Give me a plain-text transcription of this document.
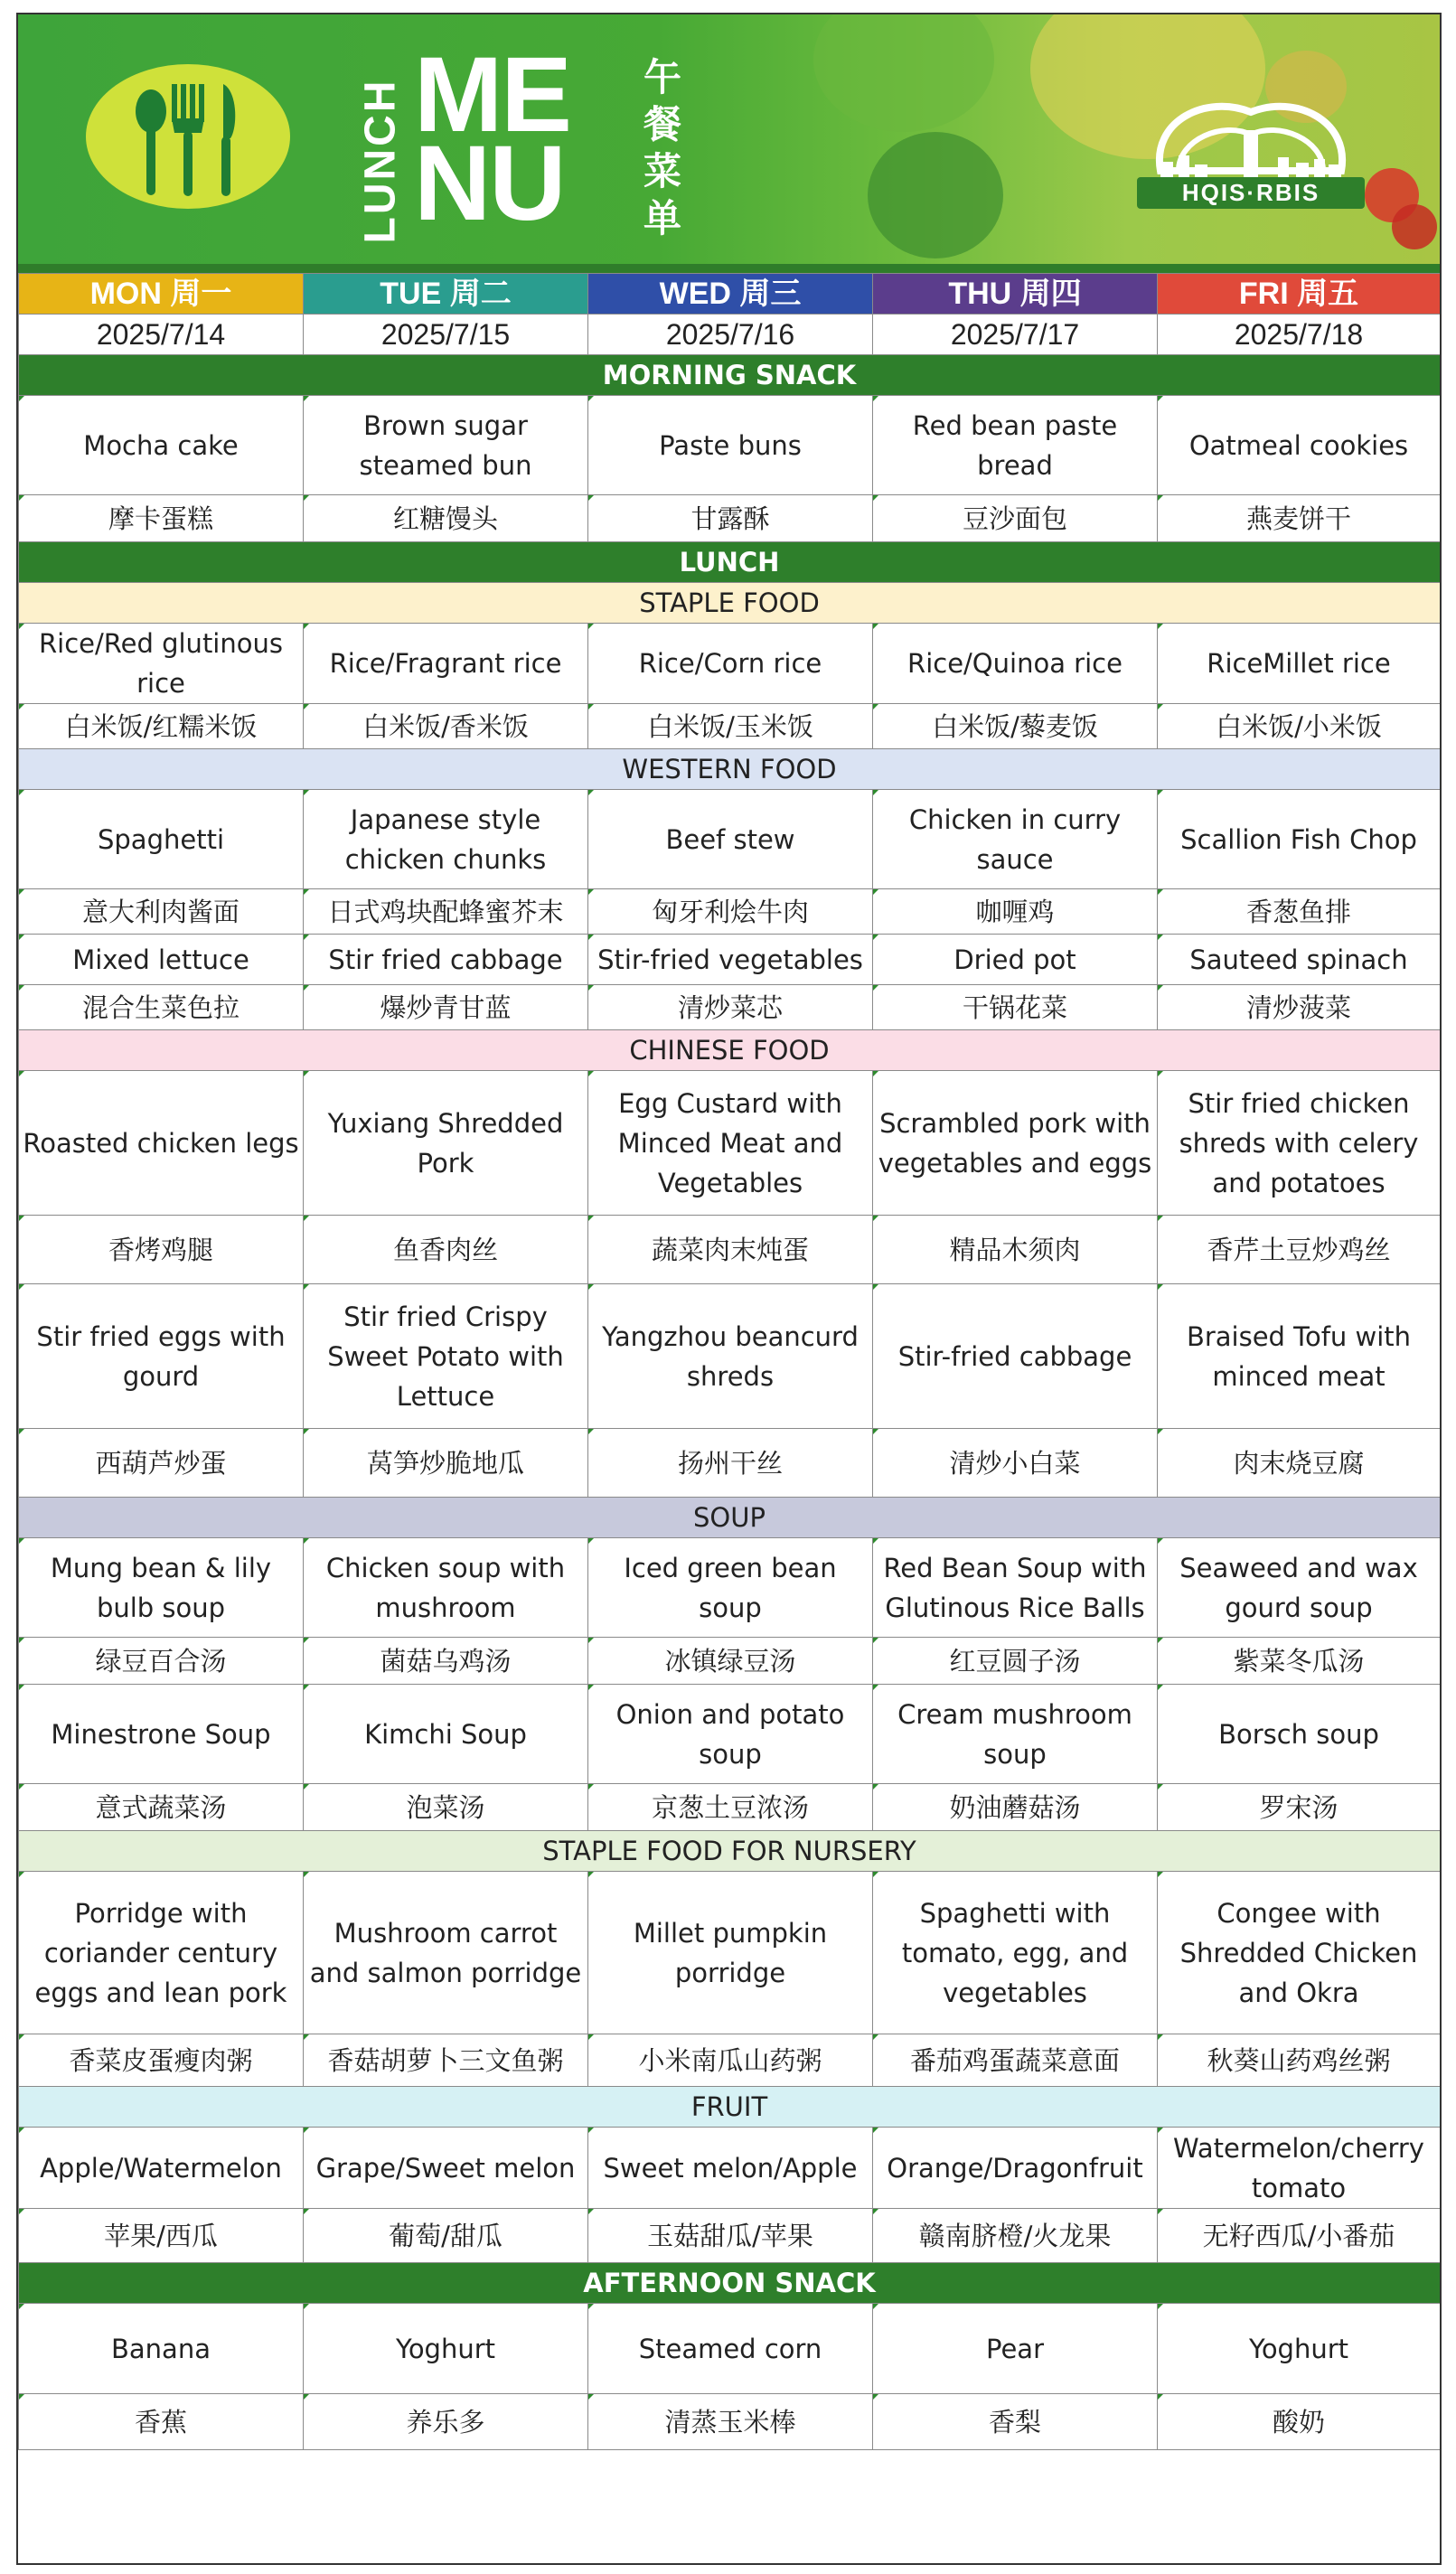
LUNCH ME
NU
午
餐
菜
单
HQIS·RBIS
MON 周一	TUE 周二	WED 周三	THU 周四	FRI 周五
2025/7/14	2025/7/15	2025/7/16	2025/7/17	2025/7/18
MORNING SNACK				
Mocha cake	Brown sugar steamed bun	Paste buns	Red bean paste bread	Oatmeal cookies
摩卡蛋糕	红糖馒头	甘露酥	豆沙面包	燕麦饼干
LUNCH				
STAPLE FOOD				
Rice/Red glutinous rice	Rice/Fragrant rice	Rice/Corn rice	Rice/Quinoa rice	RiceMillet rice
白米饭/红糯米饭	白米饭/香米饭	白米饭/玉米饭	白米饭/藜麦饭	白米饭/小米饭
WESTERN FOOD				
Spaghetti	Japanese style chicken chunks	Beef stew	Chicken in curry sauce	Scallion Fish Chop
意大利肉酱面	日式鸡块配蜂蜜芥末	匈牙利烩牛肉	咖喱鸡	香葱鱼排
Mixed lettuce	Stir fried cabbage	Stir-fried vegetables	Dried pot	Sauteed spinach
混合生菜色拉	爆炒青甘蓝	清炒菜芯	干锅花菜	清炒菠菜
CHINESE FOOD				
Roasted chicken legs	Yuxiang Shredded Pork	Egg Custard with Minced Meat and Vegetables	Scrambled pork with vegetables and eggs	Stir fried chicken shreds with celery and potatoes
香烤鸡腿	鱼香肉丝	蔬菜肉末炖蛋	精品木须肉	香芹土豆炒鸡丝
Stir fried eggs with gourd	Stir fried Crispy Sweet Potato with Lettuce	Yangzhou beancurd shreds	Stir-fried cabbage	Braised Tofu with minced meat
西葫芦炒蛋	莴笋炒脆地瓜	扬州干丝	清炒小白菜	肉末烧豆腐
SOUP				
Mung bean & lily bulb soup	Chicken soup with mushroom	Iced green bean soup	Red Bean Soup with Glutinous Rice Balls	Seaweed and wax gourd soup
绿豆百合汤	菌菇乌鸡汤	冰镇绿豆汤	红豆圆子汤	紫菜冬瓜汤
Minestrone Soup	Kimchi Soup	Onion and potato soup	Cream mushroom soup	Borsch soup
意式蔬菜汤	泡菜汤	京葱土豆浓汤	奶油蘑菇汤	罗宋汤
STAPLE FOOD FOR NURSERY				
Porridge with coriander century eggs and lean pork	Mushroom carrot and salmon porridge	Millet pumpkin porridge	Spaghetti with tomato, egg, and vegetables	Congee with Shredded Chicken and Okra
香菜皮蛋瘦肉粥	香菇胡萝卜三文鱼粥	小米南瓜山药粥	番茄鸡蛋蔬菜意面	秋葵山药鸡丝粥
FRUIT				
Apple/Watermelon	Grape/Sweet melon	Sweet melon/Apple	Orange/Dragonfruit	Watermelon/cherry tomato
苹果/西瓜	葡萄/甜瓜	玉菇甜瓜/苹果	赣南脐橙/火龙果	无籽西瓜/小番茄
AFTERNOON SNACK				
Banana	Yoghurt	Steamed corn	Pear	Yoghurt
香蕉	养乐多	清蒸玉米棒	香梨	酸奶
